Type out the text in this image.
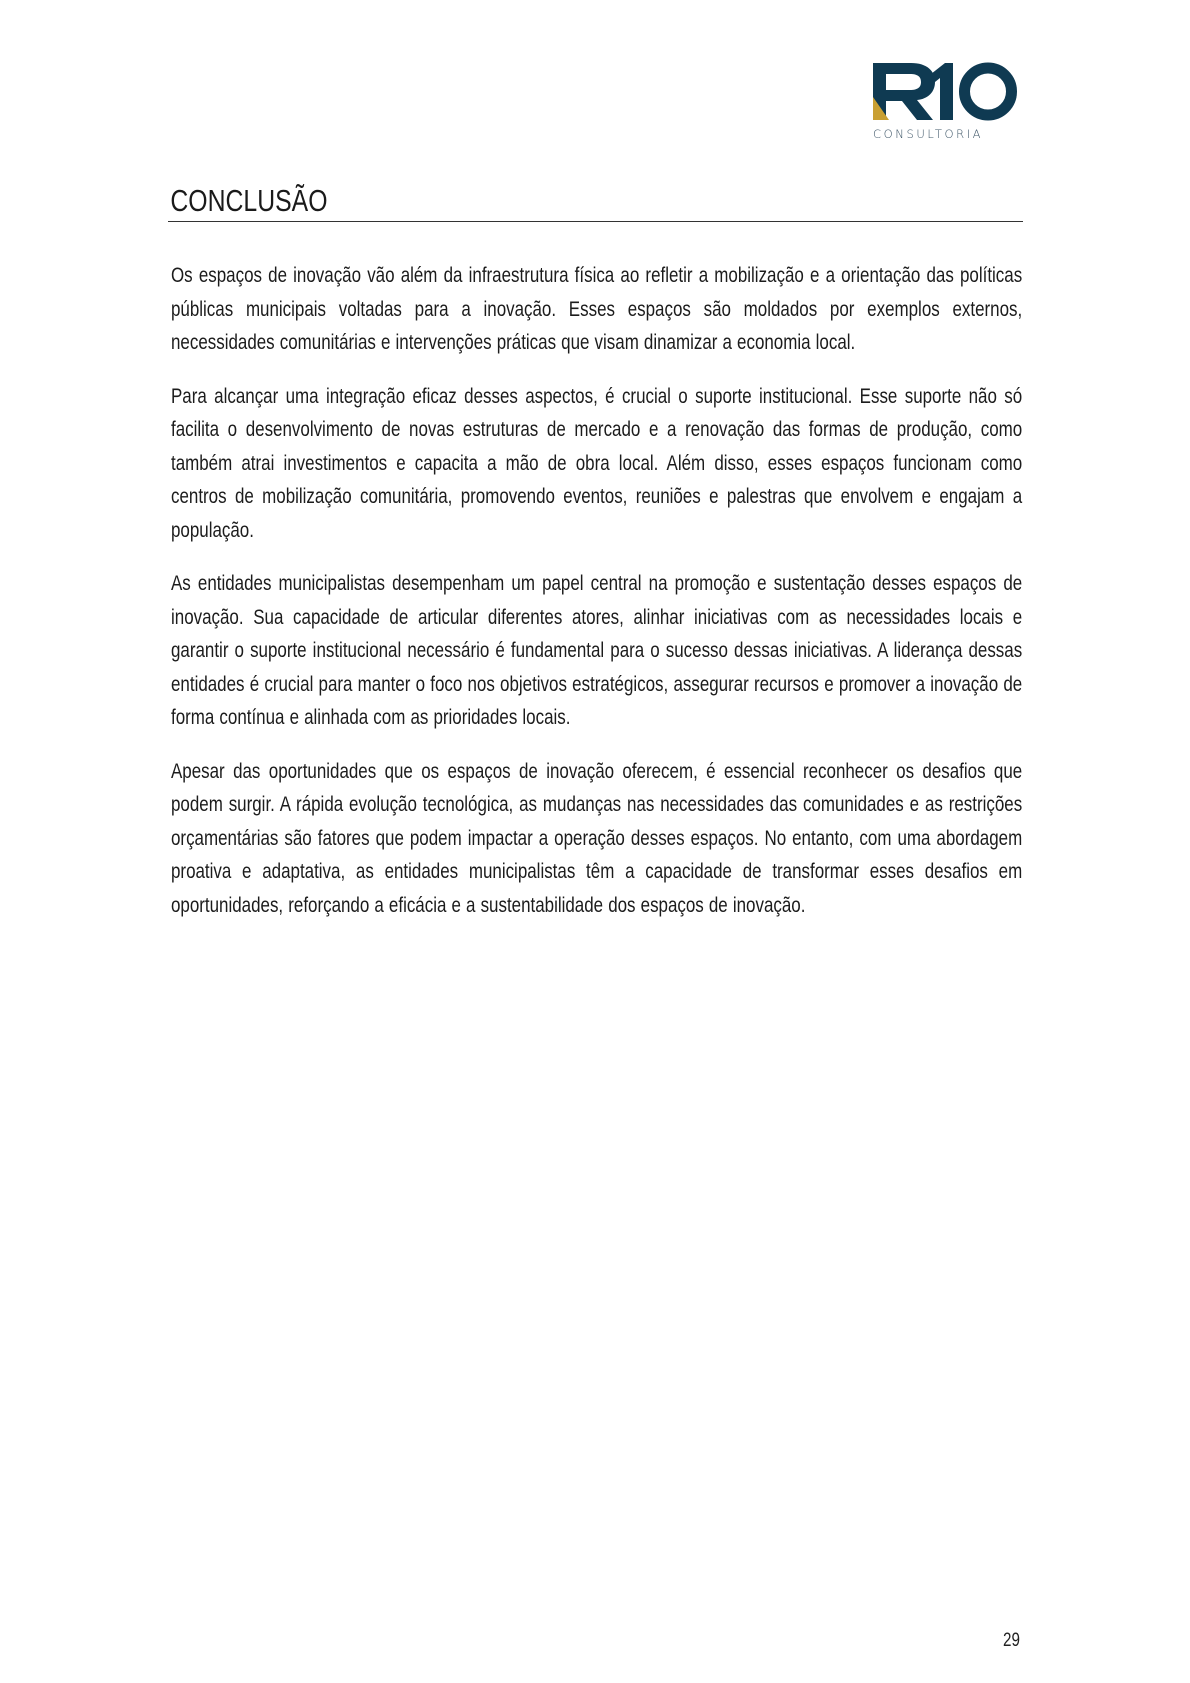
CONSULTORIA
CONCLUSÃO

Os espaços de inovação vão além da infraestrutura física ao refletir a mobilização e a orientação das políticas públicas municipais voltadas para a inovação. Esses espaços são moldados por exemplos externos, necessidades comunitárias e intervenções práticas que visam dinamizar a economia local.

Para alcançar uma integração eficaz desses aspectos, é crucial o suporte institucional. Esse suporte não só facilita o desenvolvimento de novas estruturas de mercado e a renovação das formas de produção, como também atrai investimentos e capacita a mão de obra local. Além disso, esses espaços funcionam como centros de mobilização comunitária, promovendo eventos, reuniões e palestras que envolvem e engajam a população.

As entidades municipalistas desempenham um papel central na promoção e sustentação desses espaços de inovação. Sua capacidade de articular diferentes atores, alinhar iniciativas com as necessidades locais e garantir o suporte institucional necessário é fundamental para o sucesso dessas iniciativas. A liderança dessas entidades é crucial para manter o foco nos objetivos estratégicos, assegurar recursos e promover a inovação de forma contínua e alinhada com as prioridades locais.

Apesar das oportunidades que os espaços de inovação oferecem, é essencial reconhecer os desafios que podem surgir. A rápida evolução tecnológica, as mudanças nas necessidades das comunidades e as restrições orçamentárias são fatores que podem impactar a operação desses espaços. No entanto, com uma abordagem proativa e adaptativa, as entidades municipalistas têm a capacidade de transformar esses desafios em oportunidades, reforçando a eficácia e a sustentabilidade dos espaços de inovação.

29
